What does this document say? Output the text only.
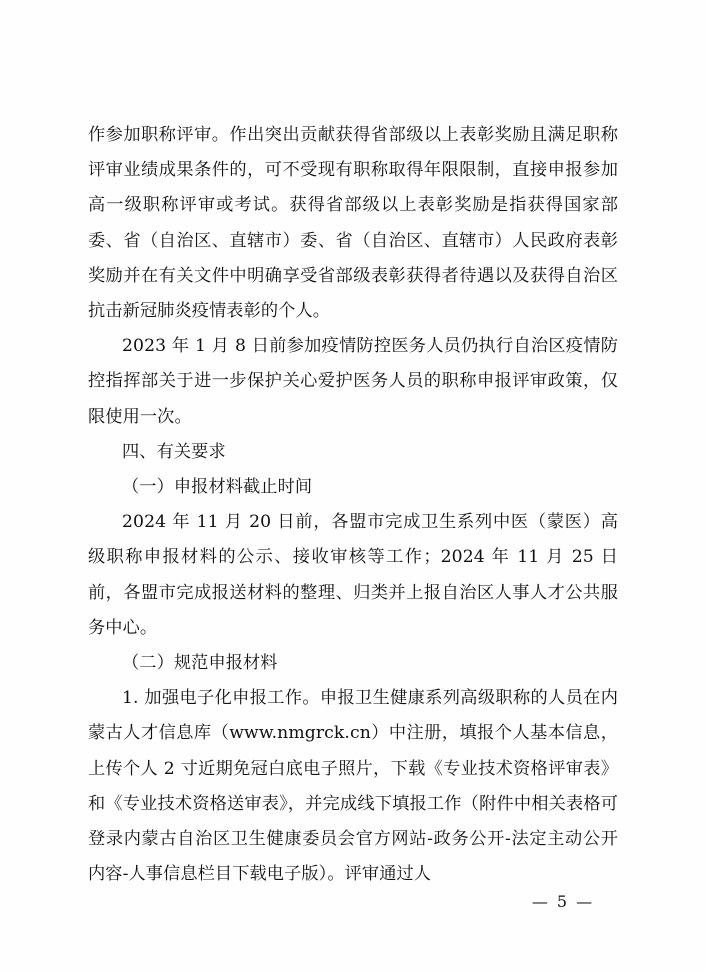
作参加职称评审。作出突出贡献获得省部级以上表彰奖励且满足职称评审业绩成果条件的，可不受现有职称取得年限限制，直接申报参加高一级职称评审或考试。获得省部级以上表彰奖励是指获得国家部委、省（自治区、直辖市）委、省（自治区、直辖市）人民政府表彰奖励并在有关文件中明确享受省部级表彰获得者待遇以及获得自治区抗击新冠肺炎疫情表彰的个人。

2023 年 1 月 8 日前参加疫情防控医务人员仍执行自治区疫情防控指挥部关于进一步保护关心爱护医务人员的职称申报评审政策，仅限使用一次。

四、有关要求

（一）申报材料截止时间

2024 年 11 月 20 日前，各盟市完成卫生系列中医（蒙医）高级职称申报材料的公示、接收审核等工作；2024 年 11 月 25 日前，各盟市完成报送材料的整理、归类并上报自治区人事人才公共服务中心。

（二）规范申报材料

1. 加强电子化申报工作。申报卫生健康系列高级职称的人员在内蒙古人才信息库（www.nmgrck.cn）中注册，填报个人基本信息，上传个人 2 寸近期免冠白底电子照片，下载《专业技术资格评审表》和《专业技术资格送审表》，并完成线下填报工作（附件中相关表格可登录内蒙古自治区卫生健康委员会官方网站-政务公开-法定主动公开内容-人事信息栏目下载电子版）。评审通过人

— 5 —
